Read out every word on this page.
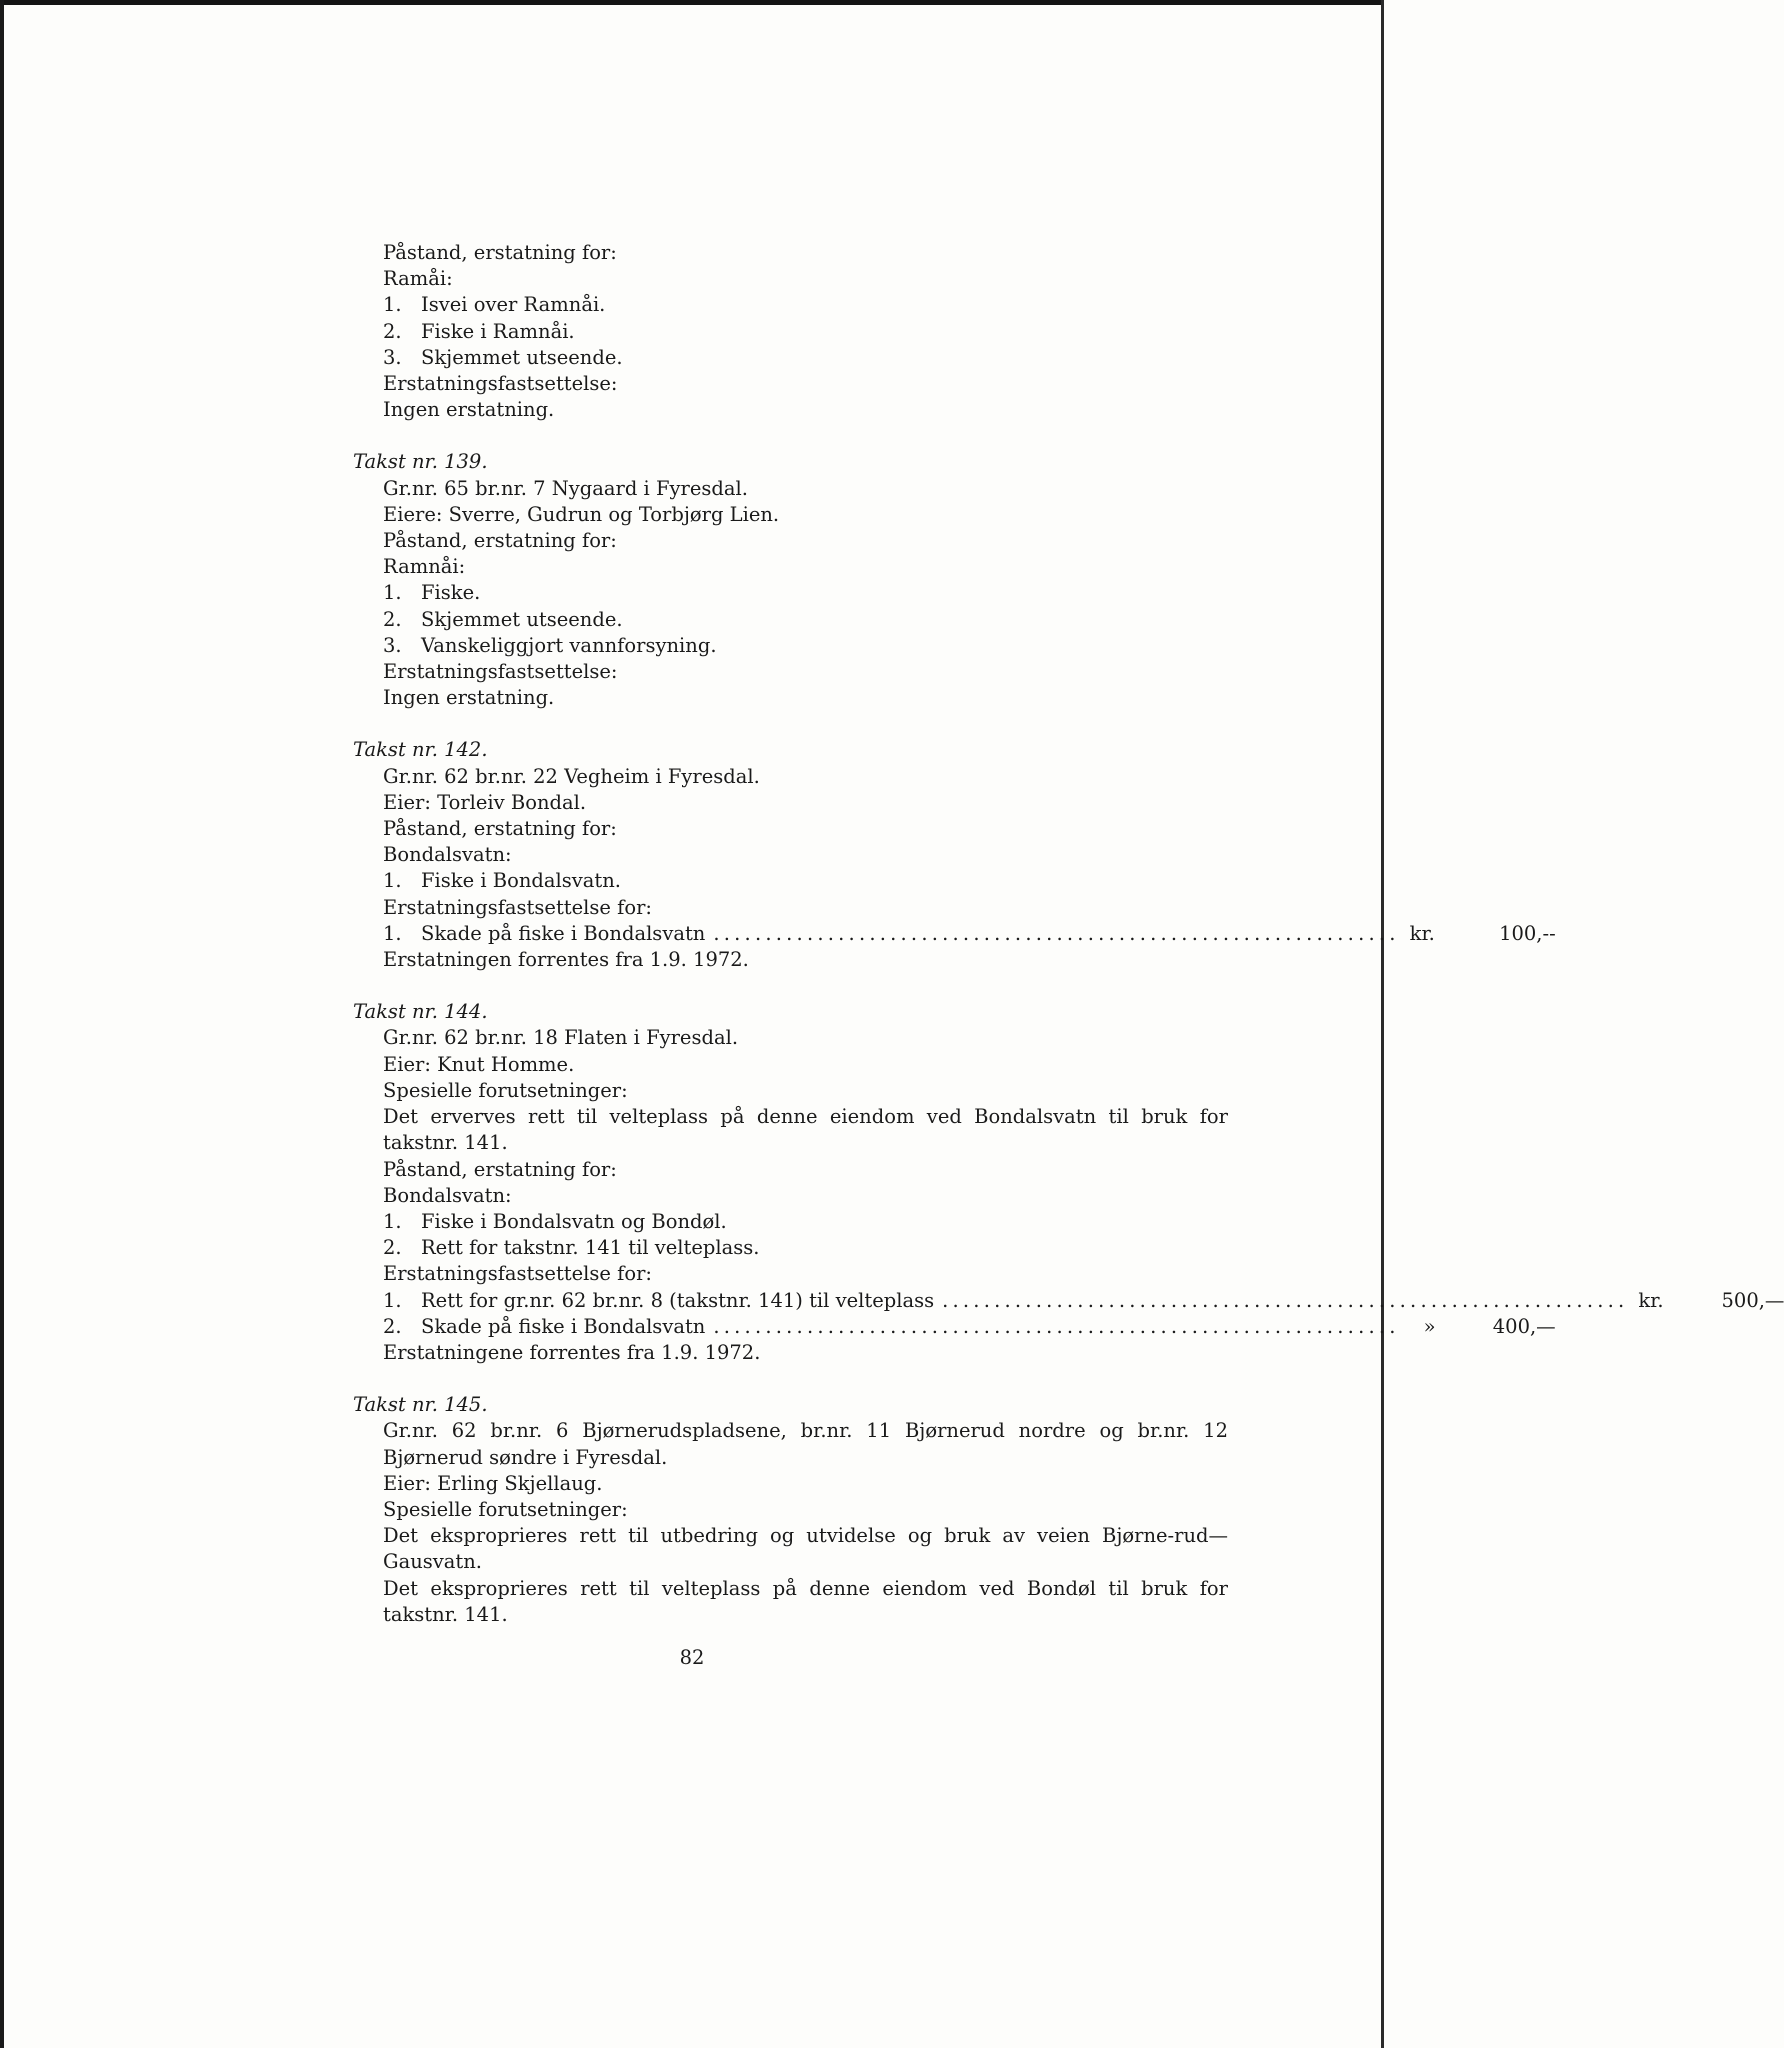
Påstand, erstatning for:
Ramåi:
1. Isvei over Ramnåi.
2. Fiske i Ramnåi.
3. Skjemmet utseende.
Erstatningsfastsettelse:
Ingen erstatning.
Takst nr. 139.
Gr.nr. 65 br.nr. 7 Nygaard i Fyresdal.
Eiere: Sverre, Gudrun og Torbjørg Lien.
Påstand, erstatning for:
Ramnåi:
1. Fiske.
2. Skjemmet utseende.
3. Vanskeliggjort vannforsyning.
Erstatningsfastsettelse:
Ingen erstatning.
Takst nr. 142.
Gr.nr. 62 br.nr. 22 Vegheim i Fyresdal.
Eier: Torleiv Bondal.
Påstand, erstatning for:
Bondalsvatn:
1. Fiske i Bondalsvatn.
Erstatningsfastsettelse for:
1. Skade på fiske i Bondalsvatn .................................................................. kr.	100,--
Erstatningen forrentes fra 1.9. 1972.
Takst nr. 144.
Gr.nr. 62 br.nr. 18 Flaten i Fyresdal.
Eier: Knut Homme.
Spesielle forutsetninger:
Det erverves rett til velteplass på denne eiendom ved Bondalsvatn til bruk for takstnr. 141.
Påstand, erstatning for:
Bondalsvatn:
1. Fiske i Bondalsvatn og Bondøl.
2. Rett for takstnr. 141 til velteplass.
Erstatningsfastsettelse for:
1. Rett for gr.nr. 62 br.nr. 8 (takstnr. 141) til velteplass .................................................................. kr.	500,—
2. Skade på fiske i Bondalsvatn ..................................................................	»	400,—
Erstatningene forrentes fra 1.9. 1972.
Takst nr. 145.
Gr.nr. 62 br.nr. 6 Bjørnerudspladsene, br.nr. 11 Bjørnerud nordre og br.nr. 12 Bjørnerud søndre i Fyresdal.
Eier: Erling Skjellaug.
Spesielle forutsetninger:
Det eksproprieres rett til utbedring og utvidelse og bruk av veien Bjørne-rud—Gausvatn.
Det eksproprieres rett til velteplass på denne eiendom ved Bondøl til bruk for takstnr. 141.
82
